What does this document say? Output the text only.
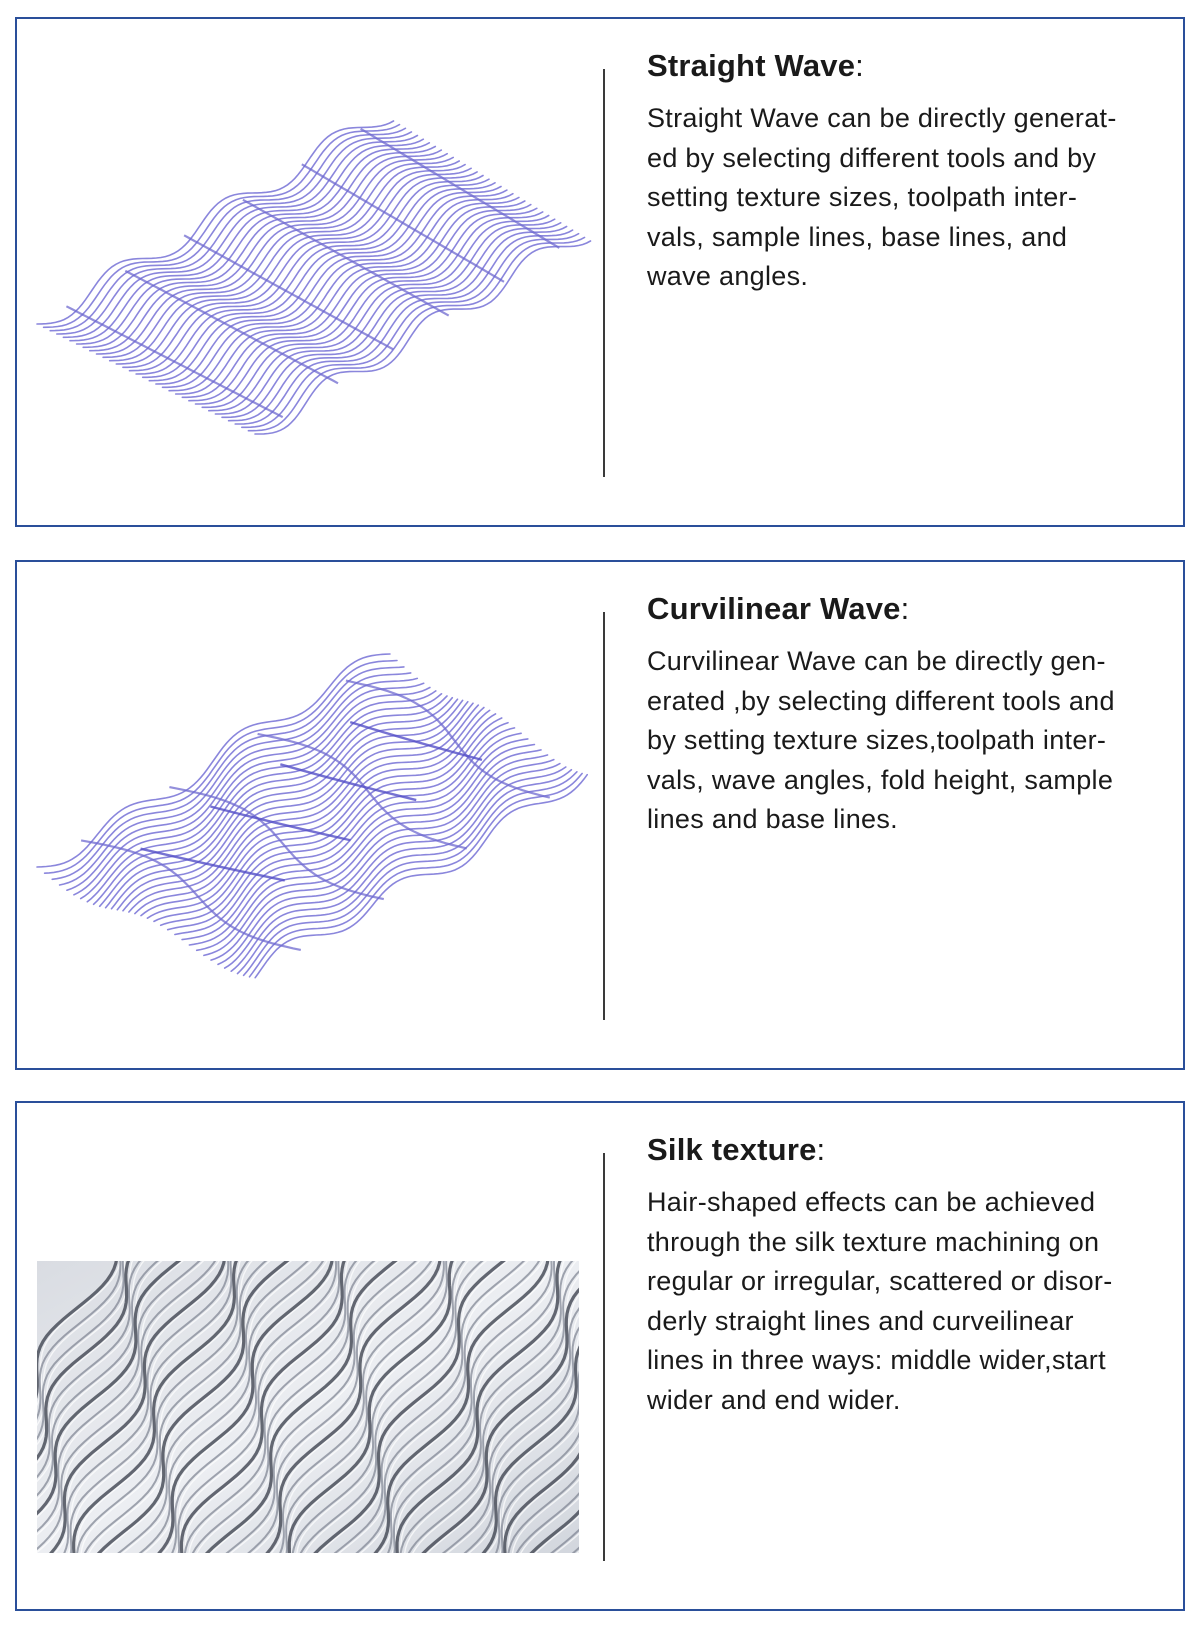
Straight Wave:

Straight Wave can be directly generat-
ed by selecting different tools and by
setting texture sizes, toolpath inter-
vals, sample lines, base lines, and
wave angles.

Curvilinear Wave:

Curvilinear Wave can be directly gen-
erated ,by selecting different tools and
by setting texture sizes,toolpath inter-
vals, wave angles, fold height, sample
lines and base lines.

Silk texture:

Hair-shaped effects can be achieved
through the silk texture machining on
regular or irregular, scattered or disor-
derly straight lines and curveilinear
lines in three ways: middle wider,start
wider and end wider.
